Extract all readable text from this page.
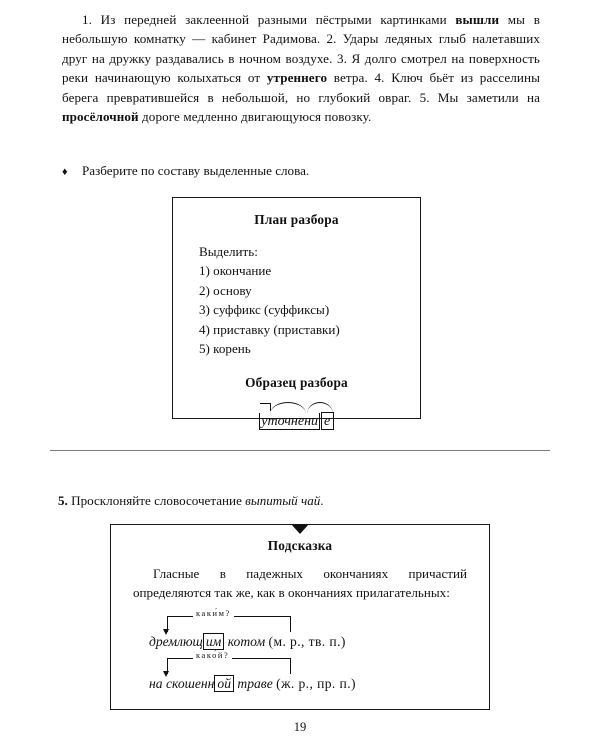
1. Из передней заклеенной разными пёстрыми картинками вышли мы в небольшую комнатку — кабинет Радимова. 2. Удары ледяных глыб налетавших друг на дружку раздавались в ночном воздухе. 3. Я долго смотрел на поверхность реки начинающую колыхаться от утреннего ветра. 4. Ключ бьёт из расселины берега превратившейся в небольшой, но глубокий овраг. 5. Мы заметили на просёлочной дороге медленно двигающуюся повозку.
♦	Разберите по составу выделенные слова.
План разбора
Выделить:
1) окончание
2) основу
3) суффикс (суффиксы)
4) приставку (приставки)
5) корень
Образец разбора
уточнени е
5. Просклоняйте словосочетание выпитый чай.
Подсказка
Гласные в падежных окончаниях причастий определяются так же, как в окончаниях прилагательных:
каки́м?
дремлющ им котом (м. р., тв. п.)
како́й?
на скошенн ой траве (ж. р., пр. п.)
19
